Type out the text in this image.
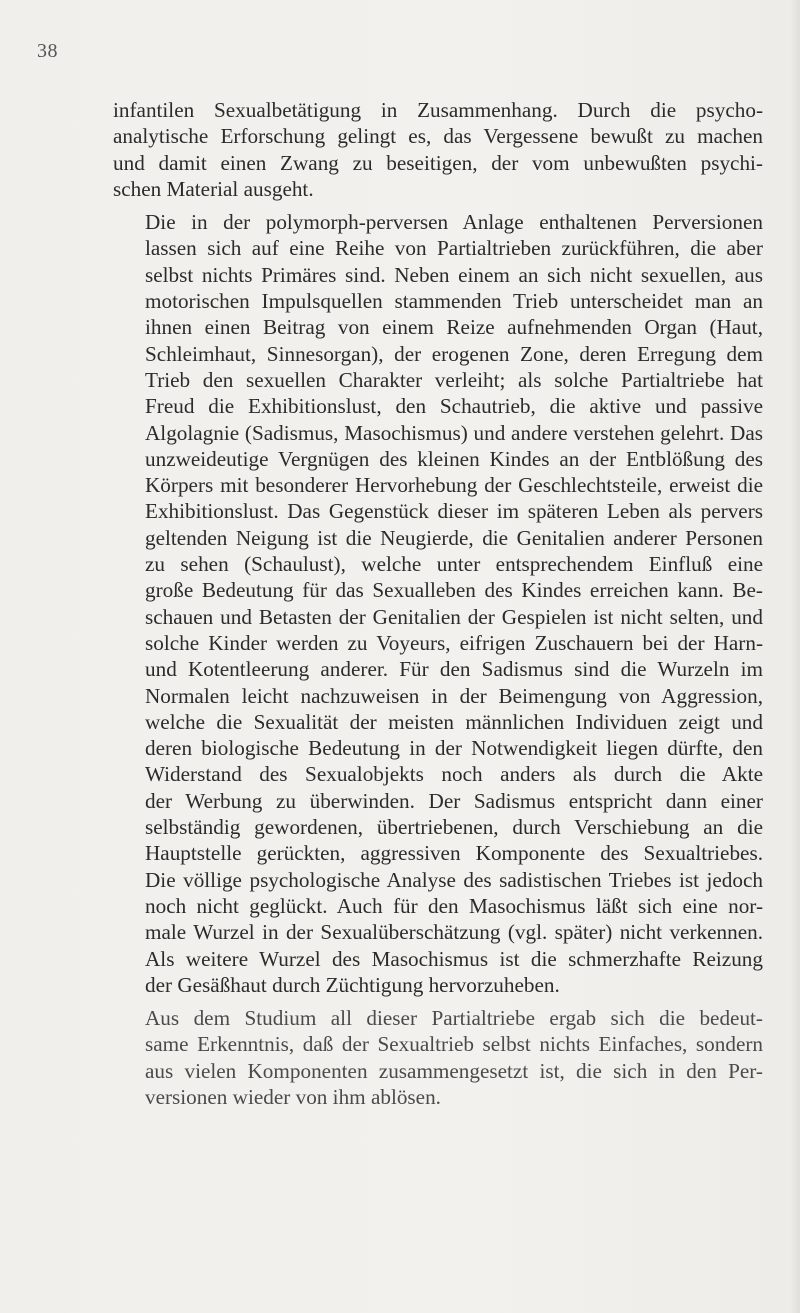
38
infantilen Sexualbetätigung in Zusammenhang. Durch die psycho-
analytische Erforschung gelingt es, das Vergessene bewußt zu machen
und damit einen Zwang zu beseitigen, der vom unbewußten psychi-
schen Material ausgeht.
Die in der polymorph-perversen Anlage enthaltenen Perversionen
lassen sich auf eine Reihe von Partialtrieben zurückführen, die aber
selbst nichts Primäres sind. Neben einem an sich nicht sexuellen, aus
motorischen Impulsquellen stammenden Trieb unterscheidet man an
ihnen einen Beitrag von einem Reize aufnehmenden Organ (Haut,
Schleimhaut, Sinnesorgan), der erogenen Zone, deren Erregung dem
Trieb den sexuellen Charakter verleiht; als solche Partialtriebe hat
Freud die Exhibitionslust, den Schautrieb, die aktive und passive
Algolagnie (Sadismus, Masochismus) und andere verstehen gelehrt. Das
unzweideutige Vergnügen des kleinen Kindes an der Entblößung des
Körpers mit besonderer Hervorhebung der Geschlechtsteile, erweist die
Exhibitionslust. Das Gegenstück dieser im späteren Leben als pervers
geltenden Neigung ist die Neugierde, die Genitalien anderer Personen
zu sehen (Schaulust), welche unter entsprechendem Einfluß eine
große Bedeutung für das Sexualleben des Kindes erreichen kann. Be-
schauen und Betasten der Genitalien der Gespielen ist nicht selten, und
solche Kinder werden zu Voyeurs, eifrigen Zuschauern bei der Harn-
und Kotentleerung anderer. Für den Sadismus sind die Wurzeln im
Normalen leicht nachzuweisen in der Beimengung von Aggression,
welche die Sexualität der meisten männlichen Individuen zeigt und
deren biologische Bedeutung in der Notwendigkeit liegen dürfte, den
Widerstand des Sexualobjekts noch anders als durch die Akte
der Werbung zu überwinden. Der Sadismus entspricht dann einer
selbständig gewordenen, übertriebenen, durch Verschiebung an die
Hauptstelle gerückten, aggressiven Komponente des Sexualtriebes.
Die völlige psychologische Analyse des sadistischen Triebes ist jedoch
noch nicht geglückt. Auch für den Masochismus läßt sich eine nor-
male Wurzel in der Sexualüberschätzung (vgl. später) nicht verkennen.
Als weitere Wurzel des Masochismus ist die schmerzhafte Reizung
der Gesäßhaut durch Züchtigung hervorzuheben.
Aus dem Studium all dieser Partialtriebe ergab sich die bedeut-
same Erkenntnis, daß der Sexualtrieb selbst nichts Einfaches, sondern
aus vielen Komponenten zusammengesetzt ist, die sich in den Per-
versionen wieder von ihm ablösen.
